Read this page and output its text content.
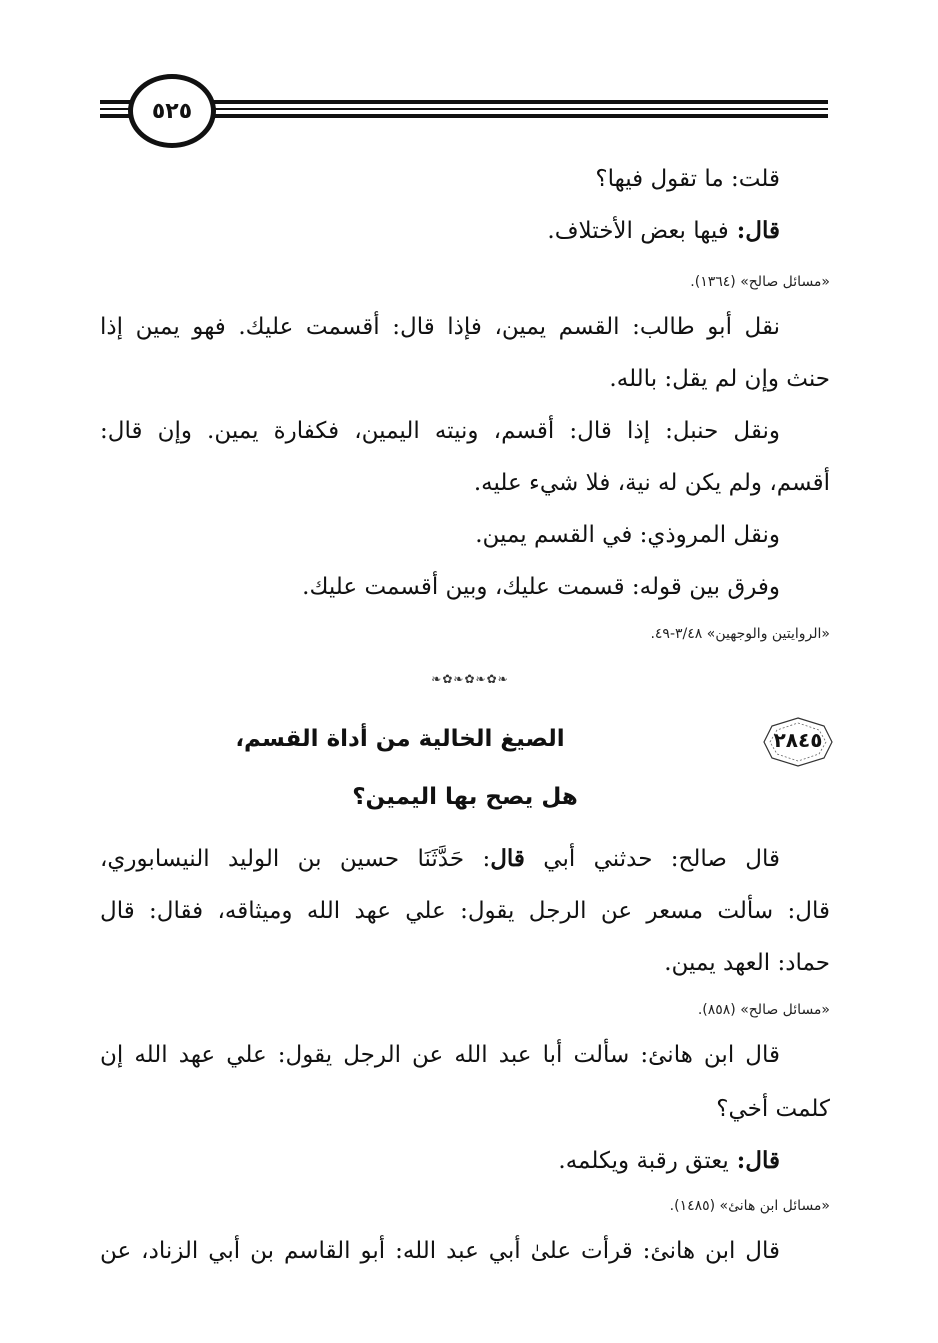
٥٢٥
قلت: ما تقول فيها؟
قال: فيها بعض الأختلاف.
«مسائل صالح» (١٣٦٤).
نقل أبو طالب: القسم يمين، فإذا قال: أقسمت عليك. فهو يمين إذا
حنث وإن لم يقل: بالله.
ونقل حنبل: إذا قال: أقسم، ونيته اليمين، فكفارة يمين. وإن قال:
أقسم، ولم يكن له نية، فلا شيء عليه.
ونقل المروذي: في القسم يمين.
وفرق بين قوله: قسمت عليك، وبين أقسمت عليك.
«الروايتين والوجهين» ٣/٤٨-٤٩.
❧✿❧✿❧✿❧
٢٨٤٥
الصيغ الخالية من أداة القسم،
هل يصح بها اليمين؟
قال صالح: حدثني أبي قال: حَدَّثَنَا حسين بن الوليد النيسابوري،
قال: سألت مسعر عن الرجل يقول: علي عهد الله وميثاقه، فقال: قال
حماد: العهد يمين.
«مسائل صالح» (٨٥٨).
قال ابن هانئ: سألت أبا عبد الله عن الرجل يقول: علي عهد الله إن
كلمت أخي؟
قال: يعتق رقبة ويكلمه.
«مسائل ابن هانئ» (١٤٨٥).
قال ابن هانئ: قرأت علىٰ أبي عبد الله: أبو القاسم بن أبي الزناد، عن
